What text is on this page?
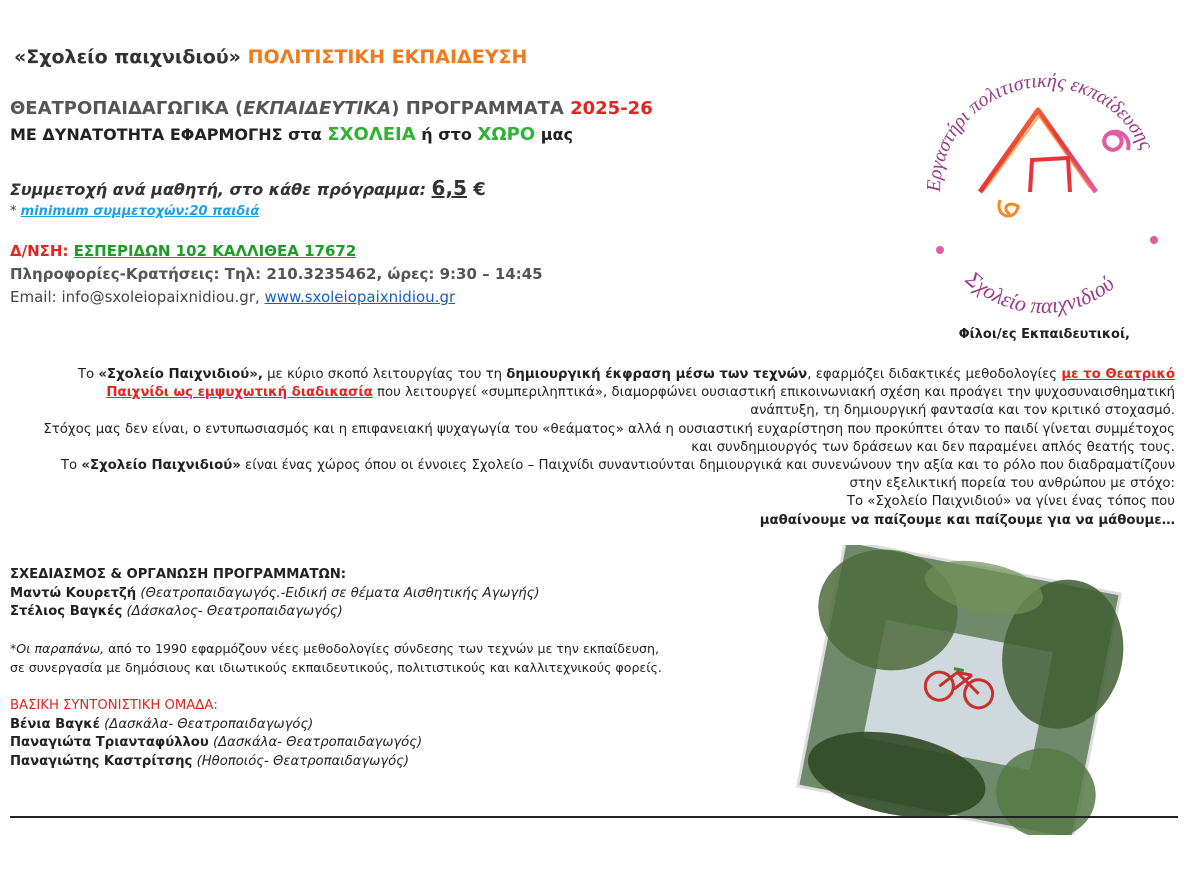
«Σχολείο παιχνιδιού» ΠΟΛΙΤΙΣΤΙΚΗ ΕΚΠΑΙΔΕΥΣΗ
ΘΕΑΤΡΟΠΑΙΔΑΓΩΓΙΚΑ (ΕΚΠΑΙΔΕΥΤΙΚΑ) ΠΡΟΓΡΑΜΜΑΤΑ 2025-26
ΜΕ ΔΥΝΑΤΟΤΗΤΑ ΕΦΑΡΜΟΓΗΣ στα ΣΧΟΛΕΙΑ ή στο ΧΩΡΟ μας
Συμμετοχή ανά μαθητή, στο κάθε πρόγραμμα: 6,5 €
* minimum συμμετοχών:20 παιδιά
Δ/ΝΣΗ: ΕΣΠΕΡΙΔΩΝ 102 ΚΑΛΛΙΘΕΑ 17672
Πληροφορίες-Κρατήσεις: Τηλ: 210.3235462, ώρες: 9:30 – 14:45
Email: info@sxoleiopaixnidiou.gr, www.sxoleiopaixnidiou.gr
Εργαστήρι πολιτιστικής εκπαίδευσης
Σχολείο παιχνιδιού
Φίλοι/ες Εκπαιδευτικοί,
Το «Σχολείο Παιχνιδιού», με κύριο σκοπό λειτουργίας του τη δημιουργική έκφραση μέσω των τεχνών, εφαρμόζει διδακτικές μεθοδολογίες με το Θεατρικό Παιχνίδι ως εμψυχωτική διαδικασία που λειτουργεί «συμπεριληπτικά», διαμορφώνει ουσιαστική επικοινωνιακή σχέση και προάγει την ψυχοσυναισθηματική ανάπτυξη, τη δημιουργική φαντασία και τον κριτικό στοχασμό.
Στόχος μας δεν είναι, ο εντυπωσιασμός και η επιφανειακή ψυχαγωγία του «θεάματος» αλλά η ουσιαστική ευχαρίστηση που προκύπτει όταν το παιδί γίνεται συμμέτοχος και συνδημιουργός των δράσεων και δεν παραμένει απλός θεατής τους.
Το «Σχολείο Παιχνιδιού» είναι ένας χώρος όπου οι έννοιες Σχολείο – Παιχνίδι συναντιούνται δημιουργικά και συνενώνουν την αξία και το ρόλο που διαδραματίζουν στην εξελικτική πορεία του ανθρώπου με στόχο:
Το «Σχολείο Παιχνιδιού» να γίνει ένας τόπος που
μαθαίνουμε να παίζουμε και παίζουμε για να μάθουμε…
ΣΧΕΔΙΑΣΜΟΣ & ΟΡΓΑΝΩΣΗ ΠΡΟΓΡΑΜΜΑΤΩΝ:
Μαντώ Κουρετζή (Θεατροπαιδαγωγός.-Ειδική σε θέματα Αισθητικής Αγωγής)
Στέλιος Βαγκές (Δάσκαλος- Θεατροπαιδαγωγός)
*Οι παραπάνω, από το 1990 εφαρμόζουν νέες μεθοδολογίες σύνδεσης των τεχνών με την εκπαίδευση,
σε συνεργασία με δημόσιους και ιδιωτικούς εκπαιδευτικούς, πολιτιστικούς και καλλιτεχνικούς φορείς.
ΒΑΣΙΚΗ ΣΥΝΤΟΝΙΣΤΙΚΗ ΟΜΑΔΑ:
Βένια Βαγκέ (Δασκάλα- Θεατροπαιδαγωγός)
Παναγιώτα Τριανταφύλλου (Δασκάλα- Θεατροπαιδαγωγός)
Παναγιώτης Καστρίτσης (Ηθοποιός- Θεατροπαιδαγωγός)
